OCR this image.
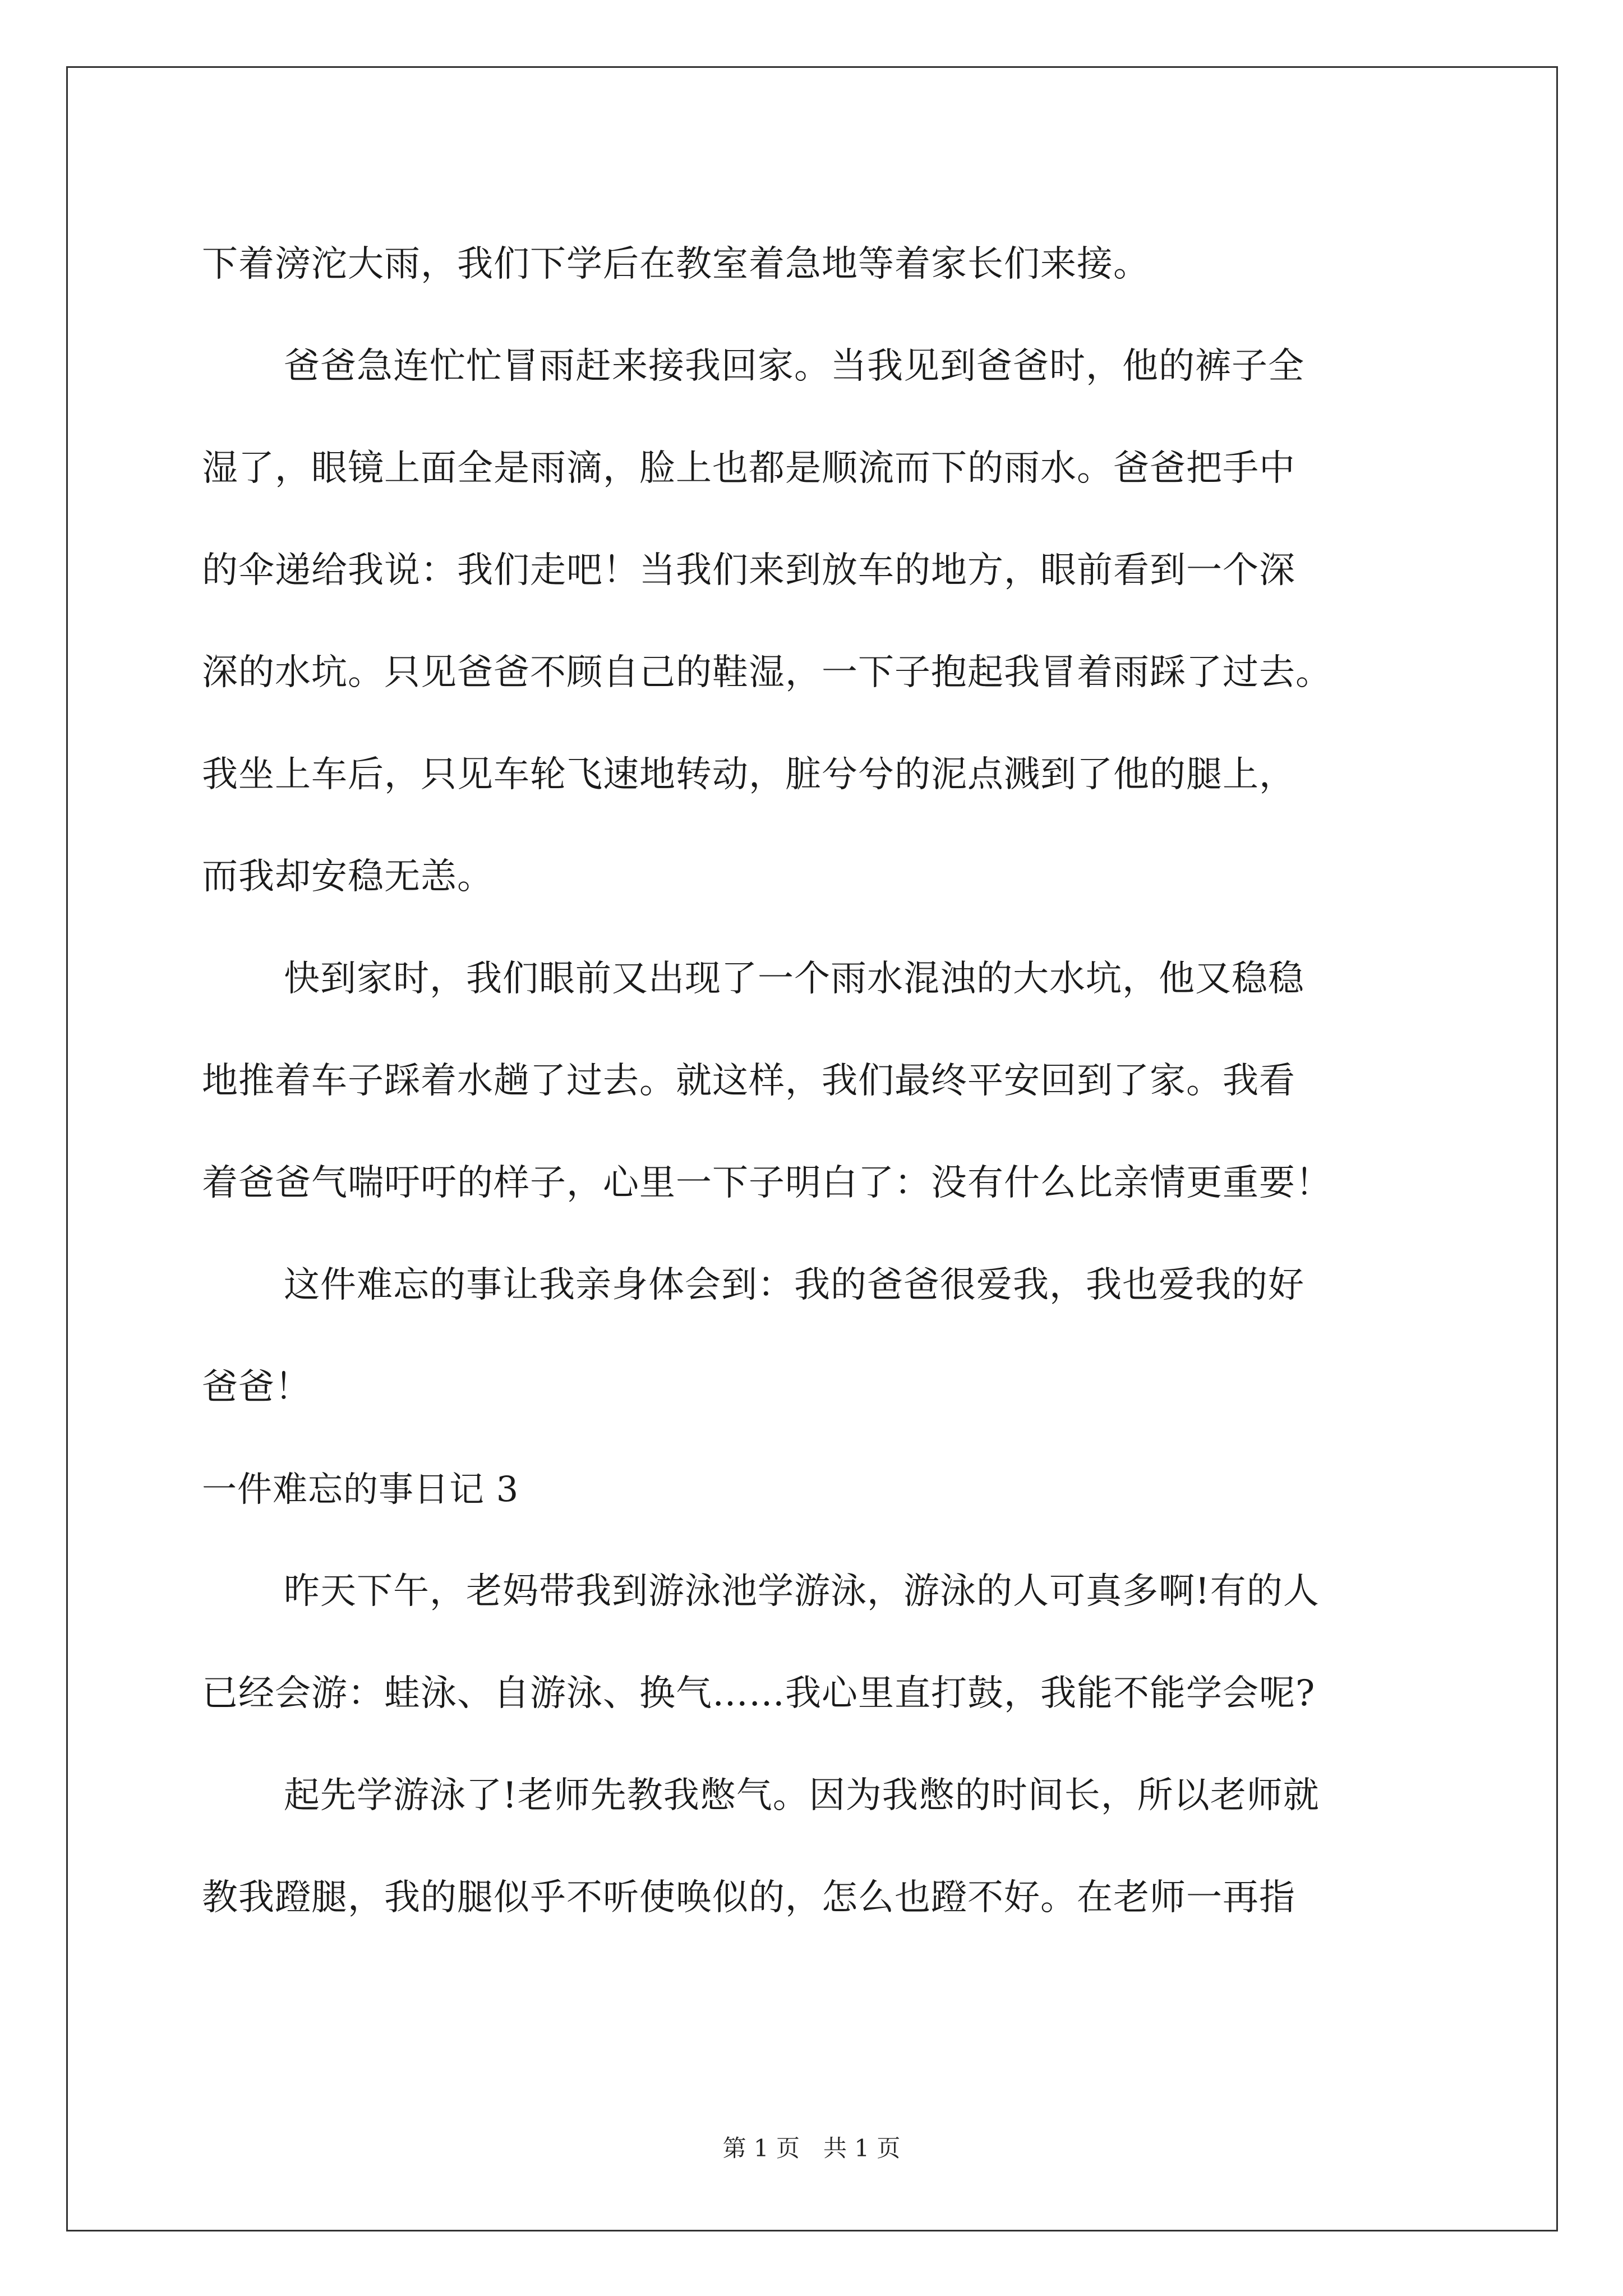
下着滂沱大雨，我们下学后在教室着急地等着家长们来接。
爸爸急连忙忙冒雨赶来接我回家。当我见到爸爸时，他的裤子全
湿了，眼镜上面全是雨滴，脸上也都是顺流而下的雨水。爸爸把手中
的伞递给我说：我们走吧！当我们来到放车的地方，眼前看到一个深
深的水坑。只见爸爸不顾自己的鞋湿，一下子抱起我冒着雨踩了过去。
我坐上车后，只见车轮飞速地转动，脏兮兮的泥点溅到了他的腿上，
而我却安稳无恙。
快到家时，我们眼前又出现了一个雨水混浊的大水坑，他又稳稳
地推着车子踩着水趟了过去。就这样，我们最终平安回到了家。我看
着爸爸气喘吁吁的样子，心里一下子明白了：没有什么比亲情更重要！
这件难忘的事让我亲身体会到：我的爸爸很爱我，我也爱我的好
爸爸！
一件难忘的事日记 3
昨天下午，老妈带我到游泳池学游泳，游泳的人可真多啊!有的人
已经会游：蛙泳、自游泳、换气……我心里直打鼓，我能不能学会呢?
起先学游泳了!老师先教我憋气。因为我憋的时间长，所以老师就
教我蹬腿，我的腿似乎不听使唤似的，怎么也蹬不好。在老师一再指
第 1 页　共 1 页
